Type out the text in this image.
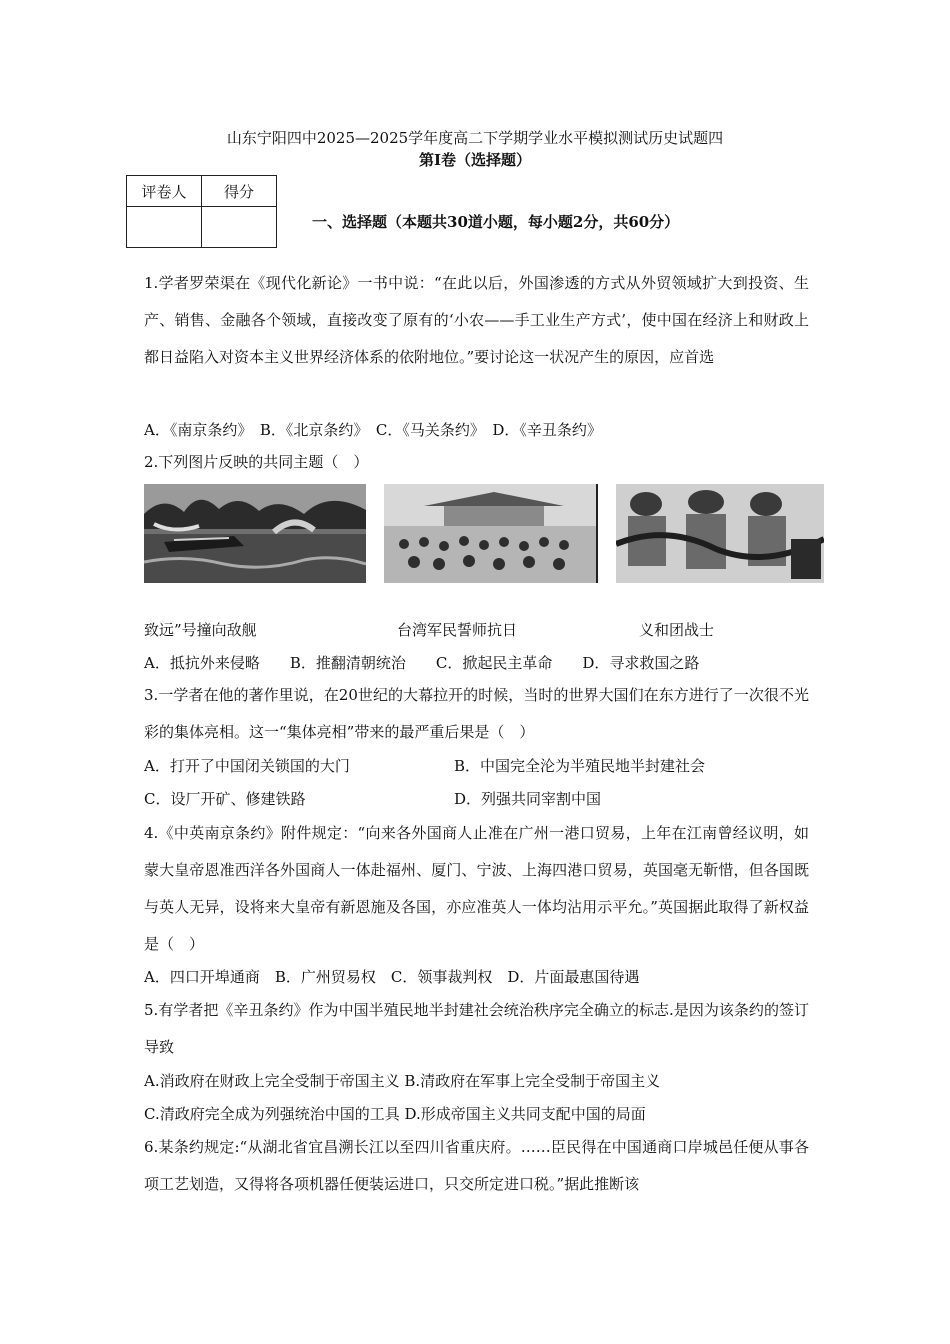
山东宁阳四中2025—2025学年度高二下学期学业水平模拟测试历史试题四
第Ⅰ卷（选择题）
评卷人	得分

一、选择题（本题共30道小题，每小题2分，共60分）
1.学者罗荣渠在《现代化新论》一书中说：“在此以后，外国渗透的方式从外贸领域扩大到投资、生产、销售、金融各个领域，直接改变了原有的‘小农——手工业生产方式’，使中国在经济上和财政上都日益陷入对资本主义世界经济体系的依附地位。”要讨论这一状况产生的原因，应首选
A．《南京条约》　B．《北京条约》　C．《马关条约》　D．《辛丑条约》
2.下列图片反映的共同主题（　）
致远”号撞向敌舰	台湾军民誓师抗日	义和团战士
A．抵抗外来侵略　　B．推翻清朝统治　　C．掀起民主革命　　D．寻求救国之路
3.一学者在他的著作里说，在20世纪的大幕拉开的时候，当时的世界大国们在东方进行了一次很不光彩的集体亮相。这一“集体亮相”带来的最严重后果是（　）
A．打开了中国闭关锁国的大门	B．中国完全沦为半殖民地半封建社会
C．设厂开矿、修建铁路	D．列强共同宰割中国
4.《中英南京条约》附件规定：“向来各外国商人止准在广州一港口贸易，上年在江南曾经议明，如蒙大皇帝恩准西洋各外国商人一体赴福州、厦门、宁波、上海四港口贸易，英国毫无靳惜，但各国既与英人无异，设将来大皇帝有新恩施及各国，亦应准英人一体均沾用示平允。”英国据此取得了新权益是（　）
A．四口开埠通商　B．广州贸易权　C．领事裁判权　D．片面最惠国待遇
5.有学者把《辛丑条约》作为中国半殖民地半封建社会统治秩序完全确立的标志.是因为该条约的签订导致
A.消政府在财政上完全受制于帝国主义 B.清政府在军事上完全受制于帝国主义
C.清政府完全成为列强统治中国的工具 D.形成帝国主义共同支配中国的局面
6.某条约规定:“从湖北省宜昌溯长江以至四川省重庆府。……臣民得在中国通商口岸城邑任便从事各项工艺划造，又得将各项机器任便装运进口，只交所定进口税。”据此推断该
